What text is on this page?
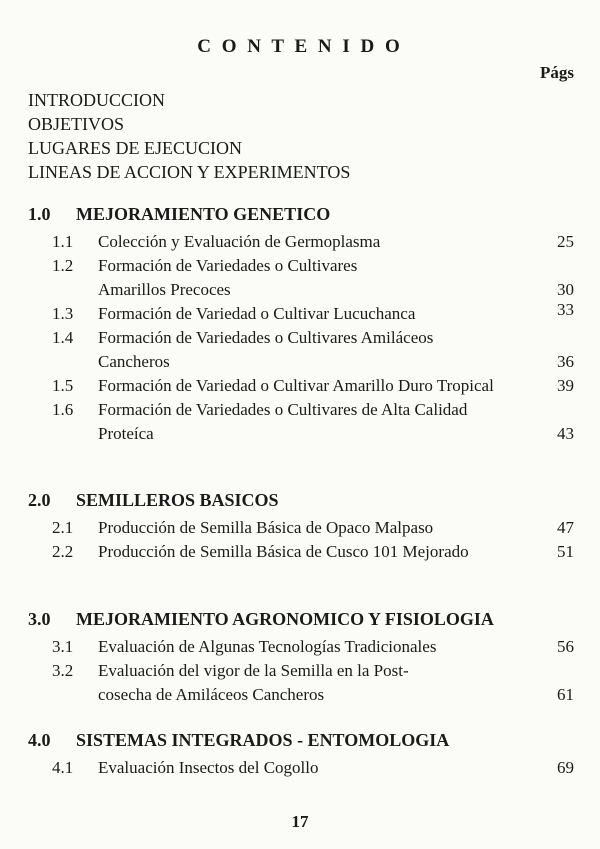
C O N T E N I D O
Págs
INTRODUCCION
OBJETIVOS
LUGARES DE EJECUCION
LINEAS DE ACCION Y EXPERIMENTOS
1.0 MEJORAMIENTO GENETICO
1.1 Colección y Evaluación de Germoplasma	25
1.2 Formación de Variedades o Cultivares Amarillos Precoces	30
1.3 Formación de Variedad o Cultivar Lucuchanca	33
1.4 Formación de Variedades o Cultivares Amiláceos Cancheros	36
1.5 Formación de Variedad o Cultivar Amarillo Duro Tropical	39
1.6 Formación de Variedades o Cultivares de Alta Calidad Proteíca	43
2.0 SEMILLEROS BASICOS
2.1 Producción de Semilla Básica de Opaco Malpaso	47
2.2 Producción de Semilla Básica de Cusco 101 Mejorado	51
3.0 MEJORAMIENTO AGRONOMICO Y FISIOLOGIA
3.1 Evaluación de Algunas Tecnologías Tradicionales	56
3.2 Evaluación del vigor de la Semilla en la Post-cosecha de Amiláceos Cancheros	61
4.0 SISTEMAS INTEGRADOS - ENTOMOLOGIA
4.1 Evaluación Insectos del Cogollo	69
17
